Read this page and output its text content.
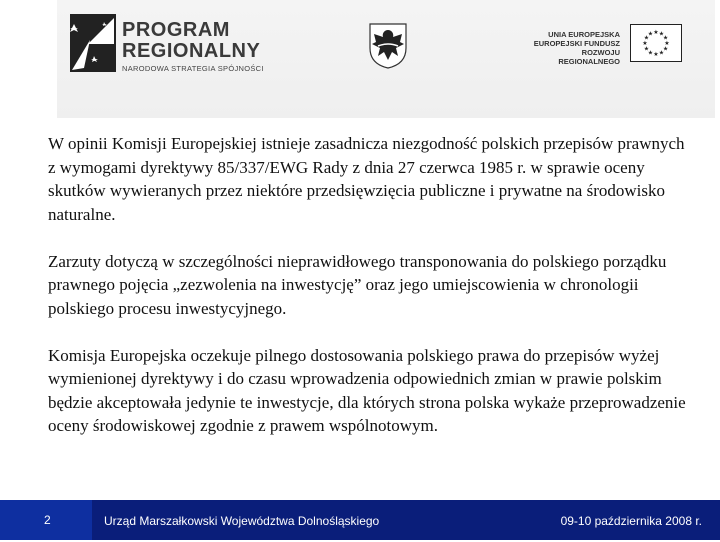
PROGRAM
REGIONALNY
NARODOWA STRATEGIA SPÓJNOŚCI
UNIA EUROPEJSKA
EUROPEJSKI FUNDUSZ
ROZWOJU REGIONALNEGO
★
★
★
★
★
★
★
★
★ ★ ★
★

W opinii Komisji Europejskiej istnieje zasadnicza niezgodność polskich przepisów prawnych z wymogami dyrektywy 85/337/EWG Rady z dnia 27 czerwca 1985 r. w sprawie oceny skutków wywieranych przez niektóre przedsięwzięcia publiczne i prywatne na środowisko naturalne.

Zarzuty dotyczą w szczególności nieprawidłowego transponowania do polskiego porządku prawnego pojęcia „zezwolenia na inwestycję” oraz jego umiejscowienia w chronologii polskiego procesu inwestycyjnego.

Komisja Europejska oczekuje pilnego dostosowania polskiego prawa do przepisów wyżej wymienionej dyrektywy i do czasu wprowadzenia odpowiednich zmian w prawie polskim będzie akceptowała jedynie te inwestycje, dla których strona polska wykaże przeprowadzenie oceny środowiskowej zgodnie z prawem wspólnotowym.

2	Urząd Marszałkowski Województwa Dolnośląskiego	09-10 października 2008 r.
